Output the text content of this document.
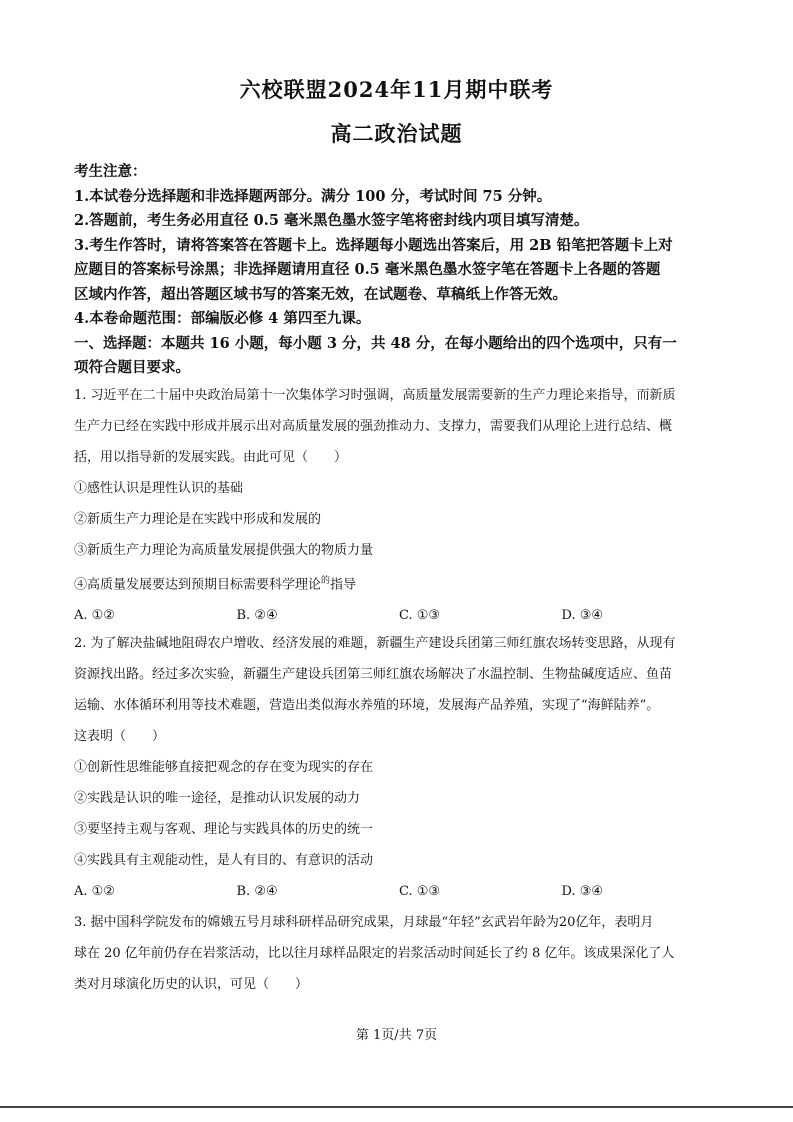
六校联盟2024年11月期中联考
高二政治试题
考生注意：
1.本试卷分选择题和非选择题两部分。满分 100 分，考试时间 75 分钟。
2.答题前，考生务必用直径 0.5 毫米黑色墨水签字笔将密封线内项目填写清楚。
3.考生作答时，请将答案答在答题卡上。选择题每小题选出答案后，用 2B 铅笔把答题卡上对
应题目的答案标号涂黑；非选择题请用直径 0.5 毫米黑色墨水签字笔在答题卡上各题的答题
区域内作答，超出答题区域书写的答案无效，在试题卷、草稿纸上作答无效。
4.本卷命题范围：部编版必修 4 第四至九课。
一、选择题：本题共 16 小题，每小题 3 分，共 48 分，在每小题给出的四个选项中，只有一
项符合题目要求。
1. 习近平在二十届中央政治局第十一次集体学习时强调，高质量发展需要新的生产力理论来指导，而新质
生产力已经在实践中形成并展示出对高质量发展的强劲推动力、支撑力，需要我们从理论上进行总结、概
括，用以指导新的发展实践。由此可见（　　）
①感性认识是理性认识的基础
②新质生产力理论是在实践中形成和发展的
③新质生产力理论为高质量发展提供强大的物质力量
④高质量发展要达到预期目标需要科学理论$^的$指导
A. ①②	B. ②④	C. ①③	D. ③④
2. 为了解决盐碱地阻碍农户增收、经济发展的难题，新疆生产建设兵团第三师红旗农场转变思路，从现有
资源找出路。经过多次实验，新疆生产建设兵团第三师红旗农场解决了水温控制、生物盐碱度适应、鱼苗
运输、水体循环利用等技术难题，营造出类似海水养殖的环境，发展海产品养殖，实现了“海鲜陆养”。
这表明（　　）
①创新性思维能够直接把观念的存在变为现实的存在
②实践是认识的唯一途径，是推动认识发展的动力
③要坚持主观与客观、理论与实践具体的历史的统一
④实践具有主观能动性，是人有目的、有意识的活动
A. ①②	B. ②④	C. ①③	D. ③④
3. 据中国科学院发布的嫦娥五号月球科研样品研究成果，月球最“年轻”玄武岩年龄为20亿年，表明月
球在 20 亿年前仍存在岩浆活动，比以往月球样品限定的岩浆活动时间延长了约 8 亿年。该成果深化了人
类对月球演化历史的认识，可见（　　）
第 1页/共 7页
